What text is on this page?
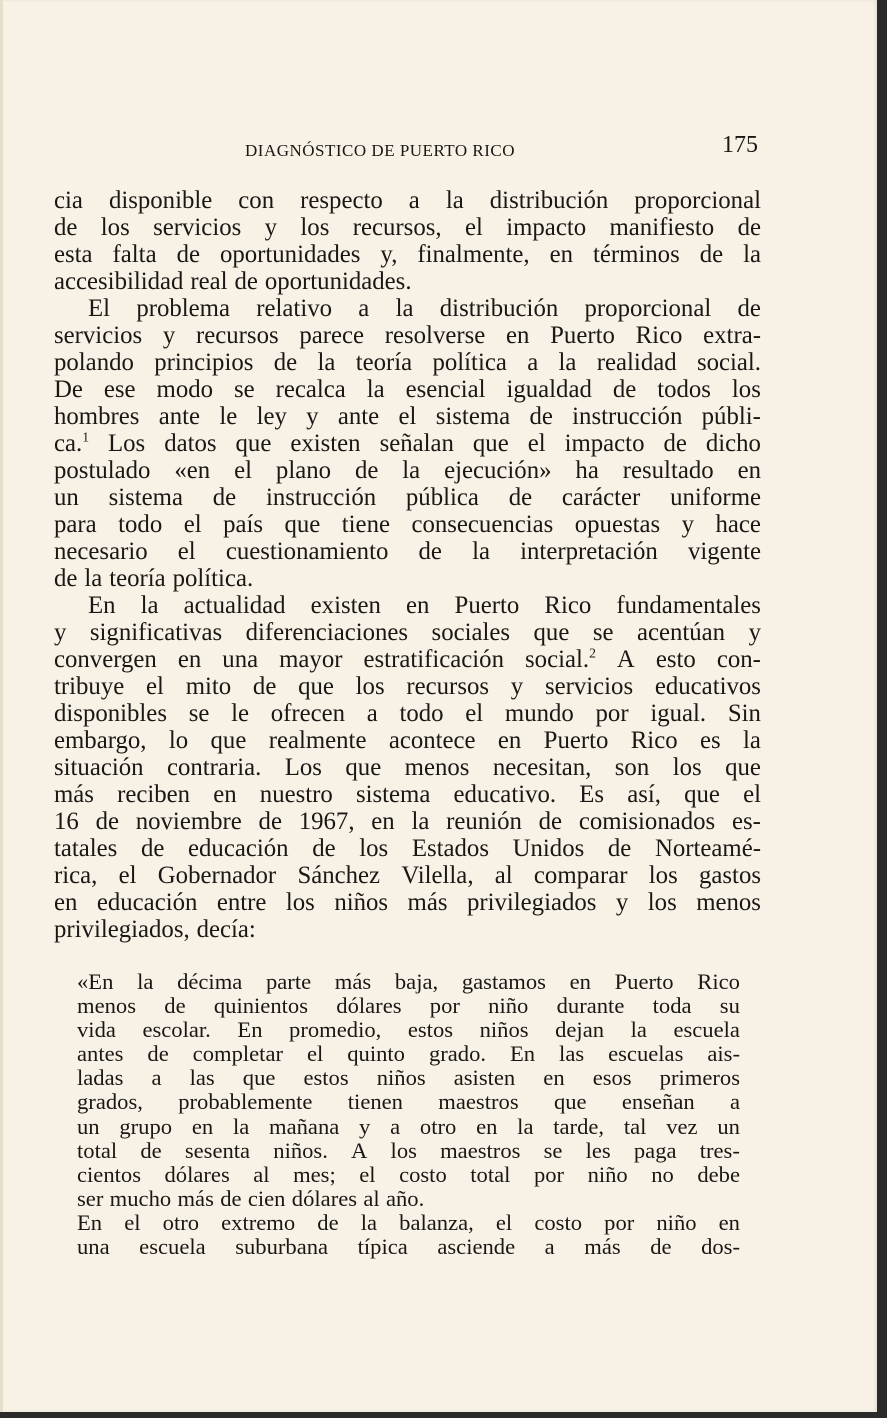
DIAGNÓSTICO DE PUERTO RICO	175
cia disponible con respecto a la distribución proporcional
de los servicios y los recursos, el impacto manifiesto de
esta falta de oportunidades y, finalmente, en términos de la
accesibilidad real de oportunidades.
El problema relativo a la distribución proporcional de
servicios y recursos parece resolverse en Puerto Rico extra-
polando principios de la teoría política a la realidad social.
De ese modo se recalca la esencial igualdad de todos los
hombres ante le ley y ante el sistema de instrucción públi-
ca.$^1$ Los datos que existen señalan que el impacto de dicho
postulado «en el plano de la ejecución» ha resultado en
un sistema de instrucción pública de carácter uniforme
para todo el país que tiene consecuencias opuestas y hace
necesario el cuestionamiento de la interpretación vigente
de la teoría política.
En la actualidad existen en Puerto Rico fundamentales
y significativas diferenciaciones sociales que se acentúan y
convergen en una mayor estratificación social.$^2$ A esto con-
tribuye el mito de que los recursos y servicios educativos
disponibles se le ofrecen a todo el mundo por igual. Sin
embargo, lo que realmente acontece en Puerto Rico es la
situación contraria. Los que menos necesitan, son los que
más reciben en nuestro sistema educativo. Es así, que el
16 de noviembre de 1967, en la reunión de comisionados es-
tatales de educación de los Estados Unidos de Norteamé-
rica, el Gobernador Sánchez Vilella, al comparar los gastos
en educación entre los niños más privilegiados y los menos
privilegiados, decía:
«En la décima parte más baja, gastamos en Puerto Rico
menos de quinientos dólares por niño durante toda su
vida escolar. En promedio, estos niños dejan la escuela
antes de completar el quinto grado. En las escuelas ais-
ladas a las que estos niños asisten en esos primeros
grados, probablemente tienen maestros que enseñan a
un grupo en la mañana y a otro en la tarde, tal vez un
total de sesenta niños. A los maestros se les paga tres-
cientos dólares al mes; el costo total por niño no debe
ser mucho más de cien dólares al año.
En el otro extremo de la balanza, el costo por niño en
una escuela suburbana típica asciende a más de dos-
